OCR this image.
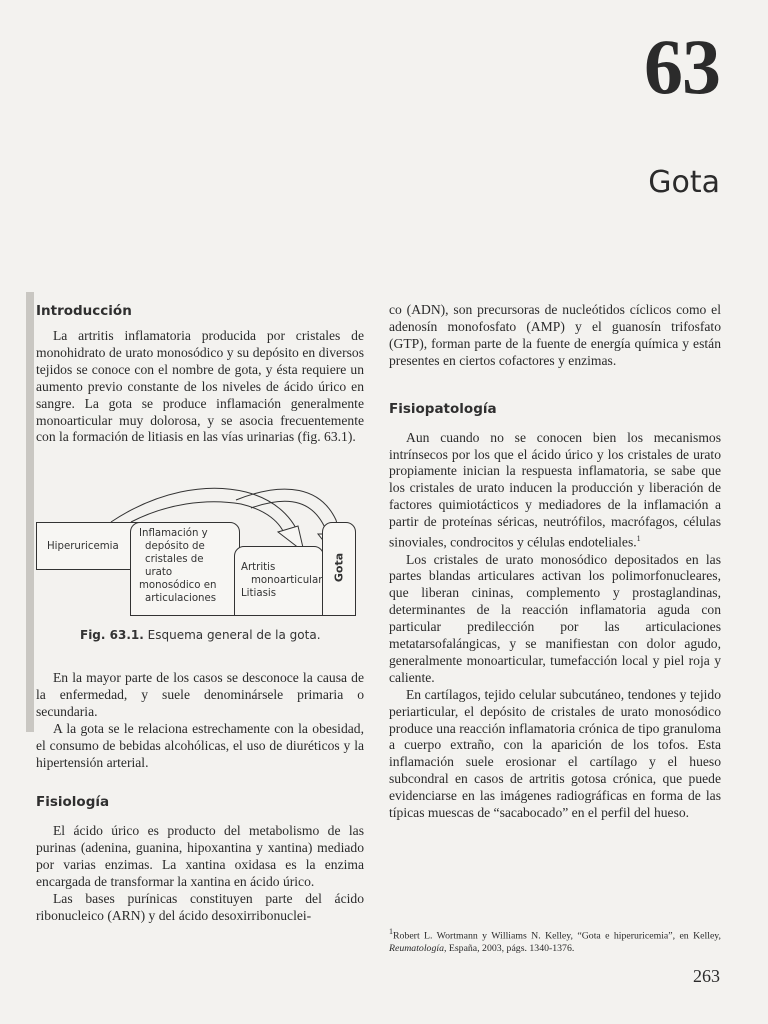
63
Gota
Introducción

La artritis inflamatoria producida por cristales de monohidrato de urato monosódico y su depósito en diversos tejidos se conoce con el nombre de gota, y ésta requiere un aumento previo constante de los niveles de ácido úrico en sangre. La gota se produce inflamación generalmente monoarticular muy dolorosa, y se asocia frecuentemente con la formación de litiasis en las vías urinarias (fig. 63.1).

Hiperuricemia
Inflamación y
depósito de
cristales de
urato
monosódico en
articulaciones
Artritis
monoarticular
Litiasis
Gota
Fig. 63.1. Esquema general de la gota.

En la mayor parte de los casos se desconoce la causa de la enfermedad, y suele denominársele primaria o secundaria.

A la gota se le relaciona estrechamente con la obesidad, el consumo de bebidas alcohólicas, el uso de diuréticos y la hipertensión arterial.

Fisiología

El ácido úrico es producto del metabolismo de las purinas (adenina, guanina, hipoxantina y xantina) mediado por varias enzimas. La xantina oxidasa es la enzima encargada de transformar la xantina en ácido úrico.

Las bases purínicas constituyen parte del ácido ribonucleico (ARN) y del ácido desoxirribonuclei-

co (ADN), son precursoras de nucleótidos cíclicos como el adenosín monofosfato (AMP) y el guanosín trifosfato (GTP), forman parte de la fuente de energía química y están presentes en ciertos cofactores y enzimas.

Fisiopatología

Aun cuando no se conocen bien los mecanismos intrínsecos por los que el ácido úrico y los cristales de urato propiamente inician la respuesta inflamatoria, se sabe que los cristales de urato inducen la producción y liberación de factores quimiotácticos y mediadores de la inflamación a partir de proteínas séricas, neutrófilos, macrófagos, células sinoviales, condrocitos y células endoteliales.$^1$

Los cristales de urato monosódico depositados en las partes blandas articulares activan los polimorfonucleares, que liberan cininas, complemento y prostaglandinas, determinantes de la reacción inflamatoria aguda con particular predilección por las articulaciones metatarsofalángicas, y se manifiestan con dolor agudo, generalmente monoarticular, tumefacción local y piel roja y caliente.

En cartílagos, tejido celular subcutáneo, tendones y tejido periarticular, el depósito de cristales de urato monosódico produce una reacción inflamatoria crónica de tipo granuloma a cuerpo extraño, con la aparición de los tofos. Esta inflamación suele erosionar el cartílago y el hueso subcondral en casos de artritis gotosa crónica, que puede evidenciarse en las imágenes radiográficas en forma de las típicas muescas de “sacabocado” en el perfil del hueso.

$^1$Robert L. Wortmann y Williams N. Kelley, “Gota e hiperuricemia”, en Kelley, Reumatología, España, 2003, págs. 1340-1376.
263
